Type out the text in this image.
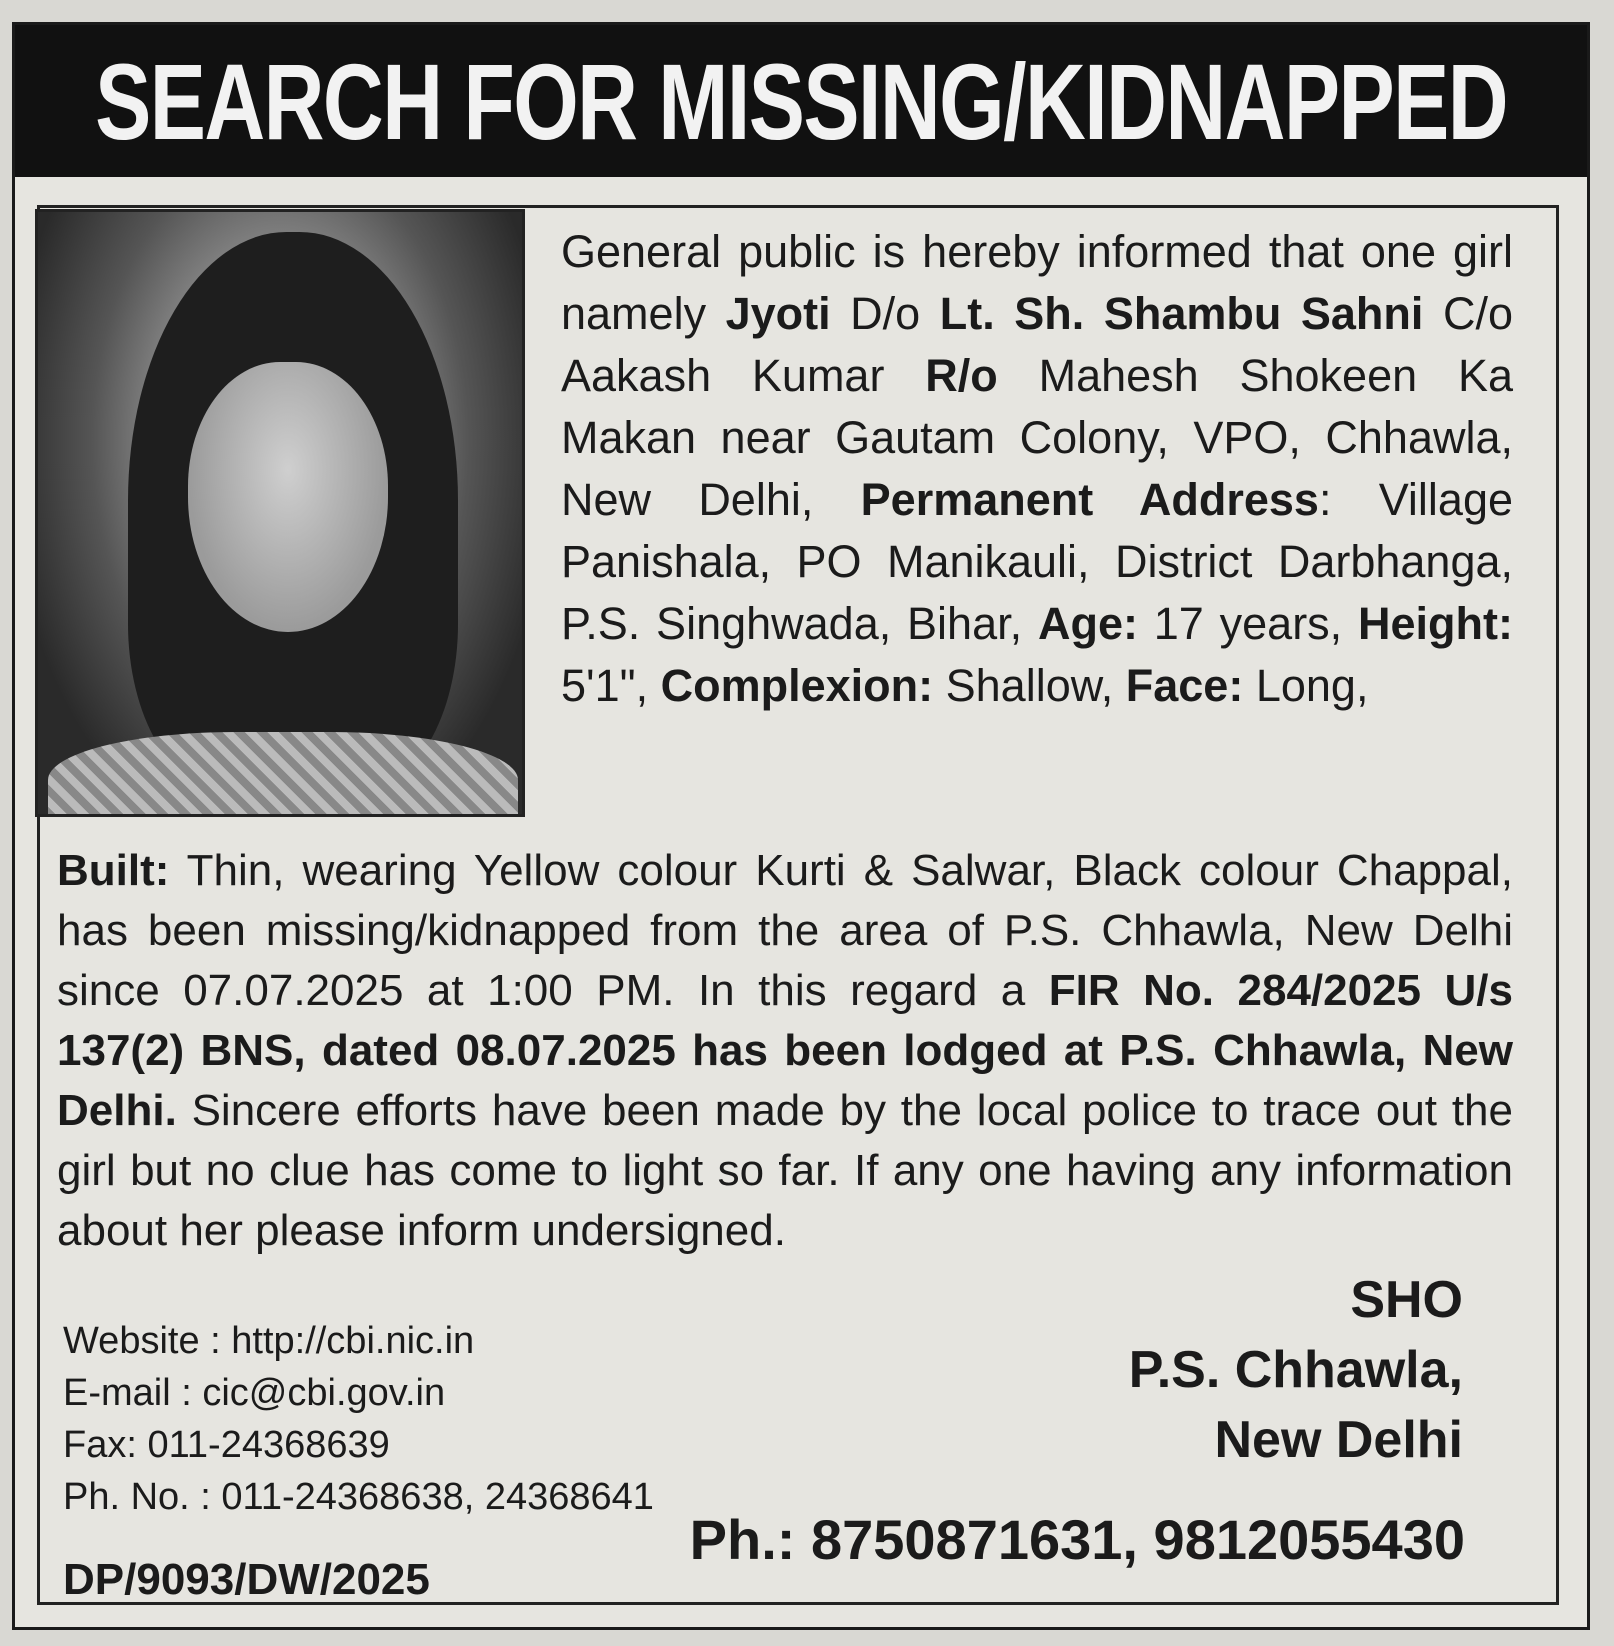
SEARCH FOR MISSING/KIDNAPPED
General public is hereby informed that one girl namely Jyoti D/o Lt. Sh. Shambu Sahni C/o Aakash Kumar R/o Mahesh Shokeen Ka Makan near Gautam Colony, VPO, Chhawla, New Delhi, Permanent Address: Village Panishala, PO Manikauli, District Darbhanga, P.S. Singhwada, Bihar, Age: 17 years, Height: 5'1", Complexion: Shallow, Face: Long,
Built: Thin, wearing Yellow colour Kurti & Salwar, Black colour Chappal, has been missing/kidnapped from the area of P.S. Chhawla, New Delhi since 07.07.2025 at 1:00 PM. In this regard a FIR No. 284/2025 U/s 137(2) BNS, dated 08.07.2025 has been lodged at P.S. Chhawla, New Delhi. Sincere efforts have been made by the local police to trace out the girl but no clue has come to light so far. If any one having any information about her please inform undersigned.
Website : http://cbi.nic.in
E-mail : cic@cbi.gov.in
Fax: 011-24368639
Ph. No. : 011-24368638, 24368641
DP/9093/DW/2025
SHO
P.S. Chhawla,
New Delhi
Ph.: 8750871631, 9812055430
